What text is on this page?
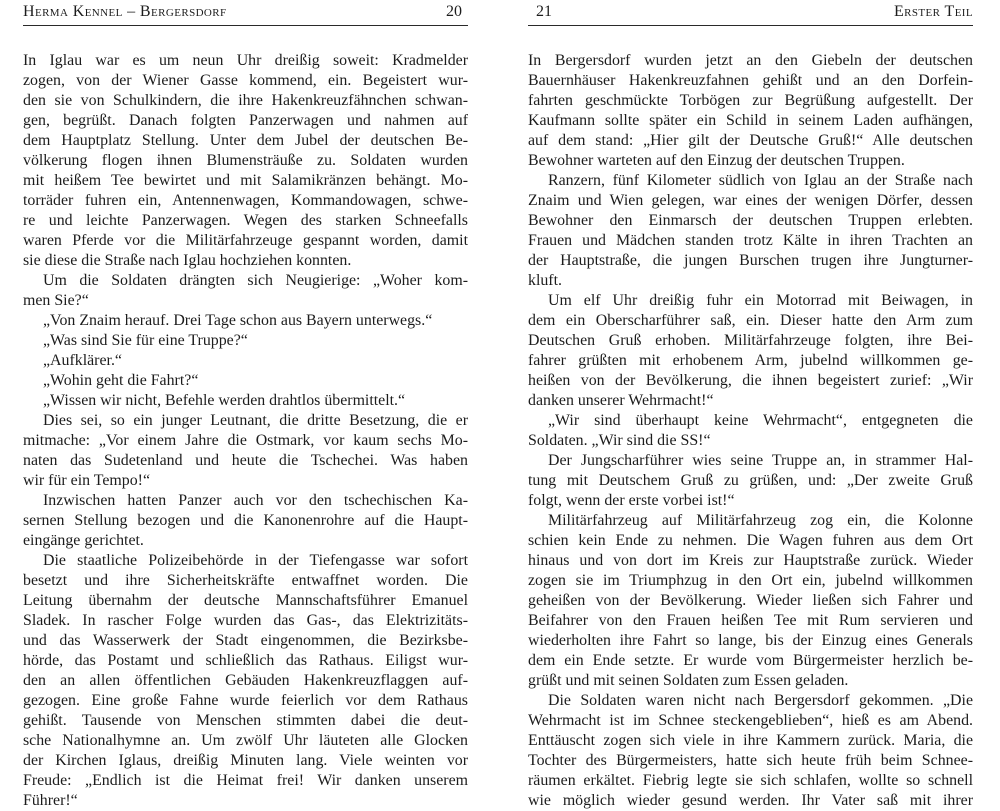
Herma Kennel – Bergersdorf	20
In Iglau war es um neun Uhr dreißig soweit: Kradmelder
zogen, von der Wiener Gasse kommend, ein. Begeistert wur-
den sie von Schulkindern, die ihre Hakenkreuzfähnchen schwan-
gen, begrüßt. Danach folgten Panzerwagen und nahmen auf
dem Hauptplatz Stellung. Unter dem Jubel der deutschen Be-
völkerung flogen ihnen Blumensträuße zu. Soldaten wurden
mit heißem Tee bewirtet und mit Salamikränzen behängt. Mo-
torräder fuhren ein, Antennenwagen, Kommandowagen, schwe-
re und leichte Panzerwagen. Wegen des starken Schneefalls
waren Pferde vor die Militärfahrzeuge gespannt worden, damit
sie diese die Straße nach Iglau hochziehen konnten.
Um die Soldaten drängten sich Neugierige: „Woher kom-
men Sie?“
„Von Znaim herauf. Drei Tage schon aus Bayern unterwegs.“
„Was sind Sie für eine Truppe?“
„Aufklärer.“
„Wohin geht die Fahrt?“
„Wissen wir nicht, Befehle werden drahtlos übermittelt.“
Dies sei, so ein junger Leutnant, die dritte Besetzung, die er
mitmache: „Vor einem Jahre die Ostmark, vor kaum sechs Mo-
naten das Sudetenland und heute die Tschechei. Was haben
wir für ein Tempo!“
Inzwischen hatten Panzer auch vor den tschechischen Ka-
sernen Stellung bezogen und die Kanonenrohre auf die Haupt-
eingänge gerichtet.
Die staatliche Polizeibehörde in der Tiefengasse war sofort
besetzt und ihre Sicherheitskräfte entwaffnet worden. Die
Leitung übernahm der deutsche Mannschaftsführer Emanuel
Sladek. In rascher Folge wurden das Gas-, das Elektrizitäts-
und das Wasserwerk der Stadt eingenommen, die Bezirksbe-
hörde, das Postamt und schließlich das Rathaus. Eiligst wur-
den an allen öffentlichen Gebäuden Hakenkreuzflaggen auf-
gezogen. Eine große Fahne wurde feierlich vor dem Rathaus
gehißt. Tausende von Menschen stimmten dabei die deut-
sche Nationalhymne an. Um zwölf Uhr läuteten alle Glocken
der Kirchen Iglaus, dreißig Minuten lang. Viele weinten vor
Freude: „Endlich ist die Heimat frei! Wir danken unserem
Führer!“
21	Erster Teil
In Bergersdorf wurden jetzt an den Giebeln der deutschen
Bauernhäuser Hakenkreuzfahnen gehißt und an den Dorfein-
fahrten geschmückte Torbögen zur Begrüßung aufgestellt. Der
Kaufmann sollte später ein Schild in seinem Laden aufhängen,
auf dem stand: „Hier gilt der Deutsche Gruß!“ Alle deutschen
Bewohner warteten auf den Einzug der deutschen Truppen.
Ranzern, fünf Kilometer südlich von Iglau an der Straße nach
Znaim und Wien gelegen, war eines der wenigen Dörfer, dessen
Bewohner den Einmarsch der deutschen Truppen erlebten.
Frauen und Mädchen standen trotz Kälte in ihren Trachten an
der Hauptstraße, die jungen Burschen trugen ihre Jungturner-
kluft.
Um elf Uhr dreißig fuhr ein Motorrad mit Beiwagen, in
dem ein Oberscharführer saß, ein. Dieser hatte den Arm zum
Deutschen Gruß erhoben. Militärfahrzeuge folgten, ihre Bei-
fahrer grüßten mit erhobenem Arm, jubelnd willkommen ge-
heißen von der Bevölkerung, die ihnen begeistert zurief: „Wir
danken unserer Wehrmacht!“
„Wir sind überhaupt keine Wehrmacht“, entgegneten die
Soldaten. „Wir sind die SS!“
Der Jungscharführer wies seine Truppe an, in strammer Hal-
tung mit Deutschem Gruß zu grüßen, und: „Der zweite Gruß
folgt, wenn der erste vorbei ist!“
Militärfahrzeug auf Militärfahrzeug zog ein, die Kolonne
schien kein Ende zu nehmen. Die Wagen fuhren aus dem Ort
hinaus und von dort im Kreis zur Hauptstraße zurück. Wieder
zogen sie im Triumphzug in den Ort ein, jubelnd willkommen
geheißen von der Bevölkerung. Wieder ließen sich Fahrer und
Beifahrer von den Frauen heißen Tee mit Rum servieren und
wiederholten ihre Fahrt so lange, bis der Einzug eines Generals
dem ein Ende setzte. Er wurde vom Bürgermeister herzlich be-
grüßt und mit seinen Soldaten zum Essen geladen.
Die Soldaten waren nicht nach Bergersdorf gekommen. „Die
Wehrmacht ist im Schnee steckengeblieben“, hieß es am Abend.
Enttäuscht zogen sich viele in ihre Kammern zurück. Maria, die
Tochter des Bürgermeisters, hatte sich heute früh beim Schnee-
räumen erkältet. Fiebrig legte sie sich schlafen, wollte so schnell
wie möglich wieder gesund werden. Ihr Vater saß mit ihrer
